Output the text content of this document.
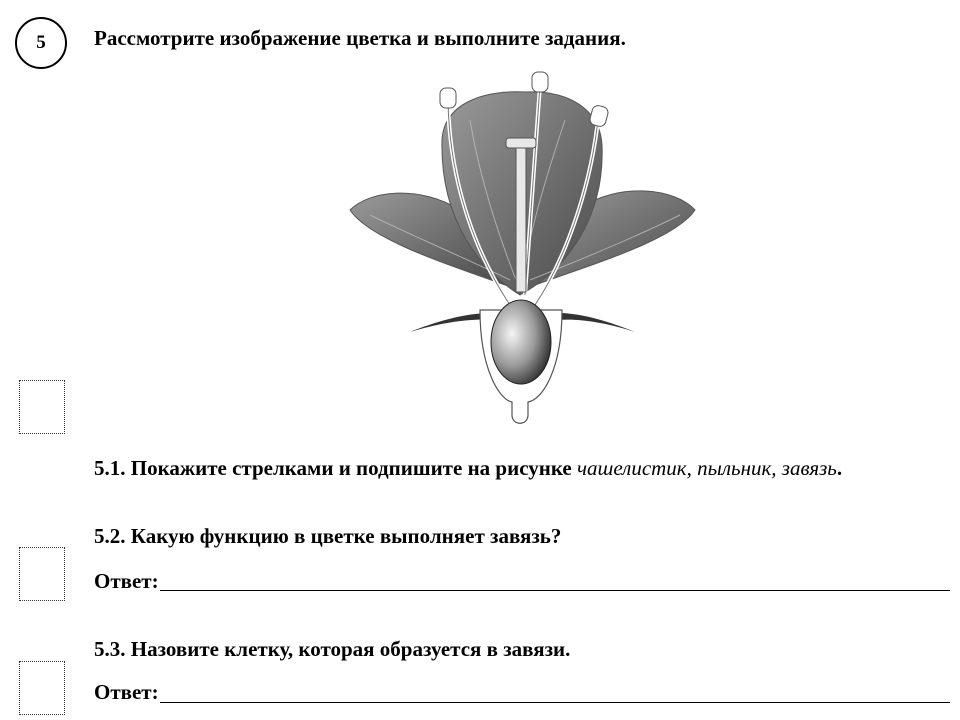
5 Рассмотрите изображение цветка и выполните задания.
5.1. Покажите стрелками и подпишите на рисунке чашелистик, пыльник, завязь.
5.2. Какую функцию в цветке выполняет завязь?
Ответ:
5.3. Назовите клетку, которая образуется в завязи.
Ответ:
